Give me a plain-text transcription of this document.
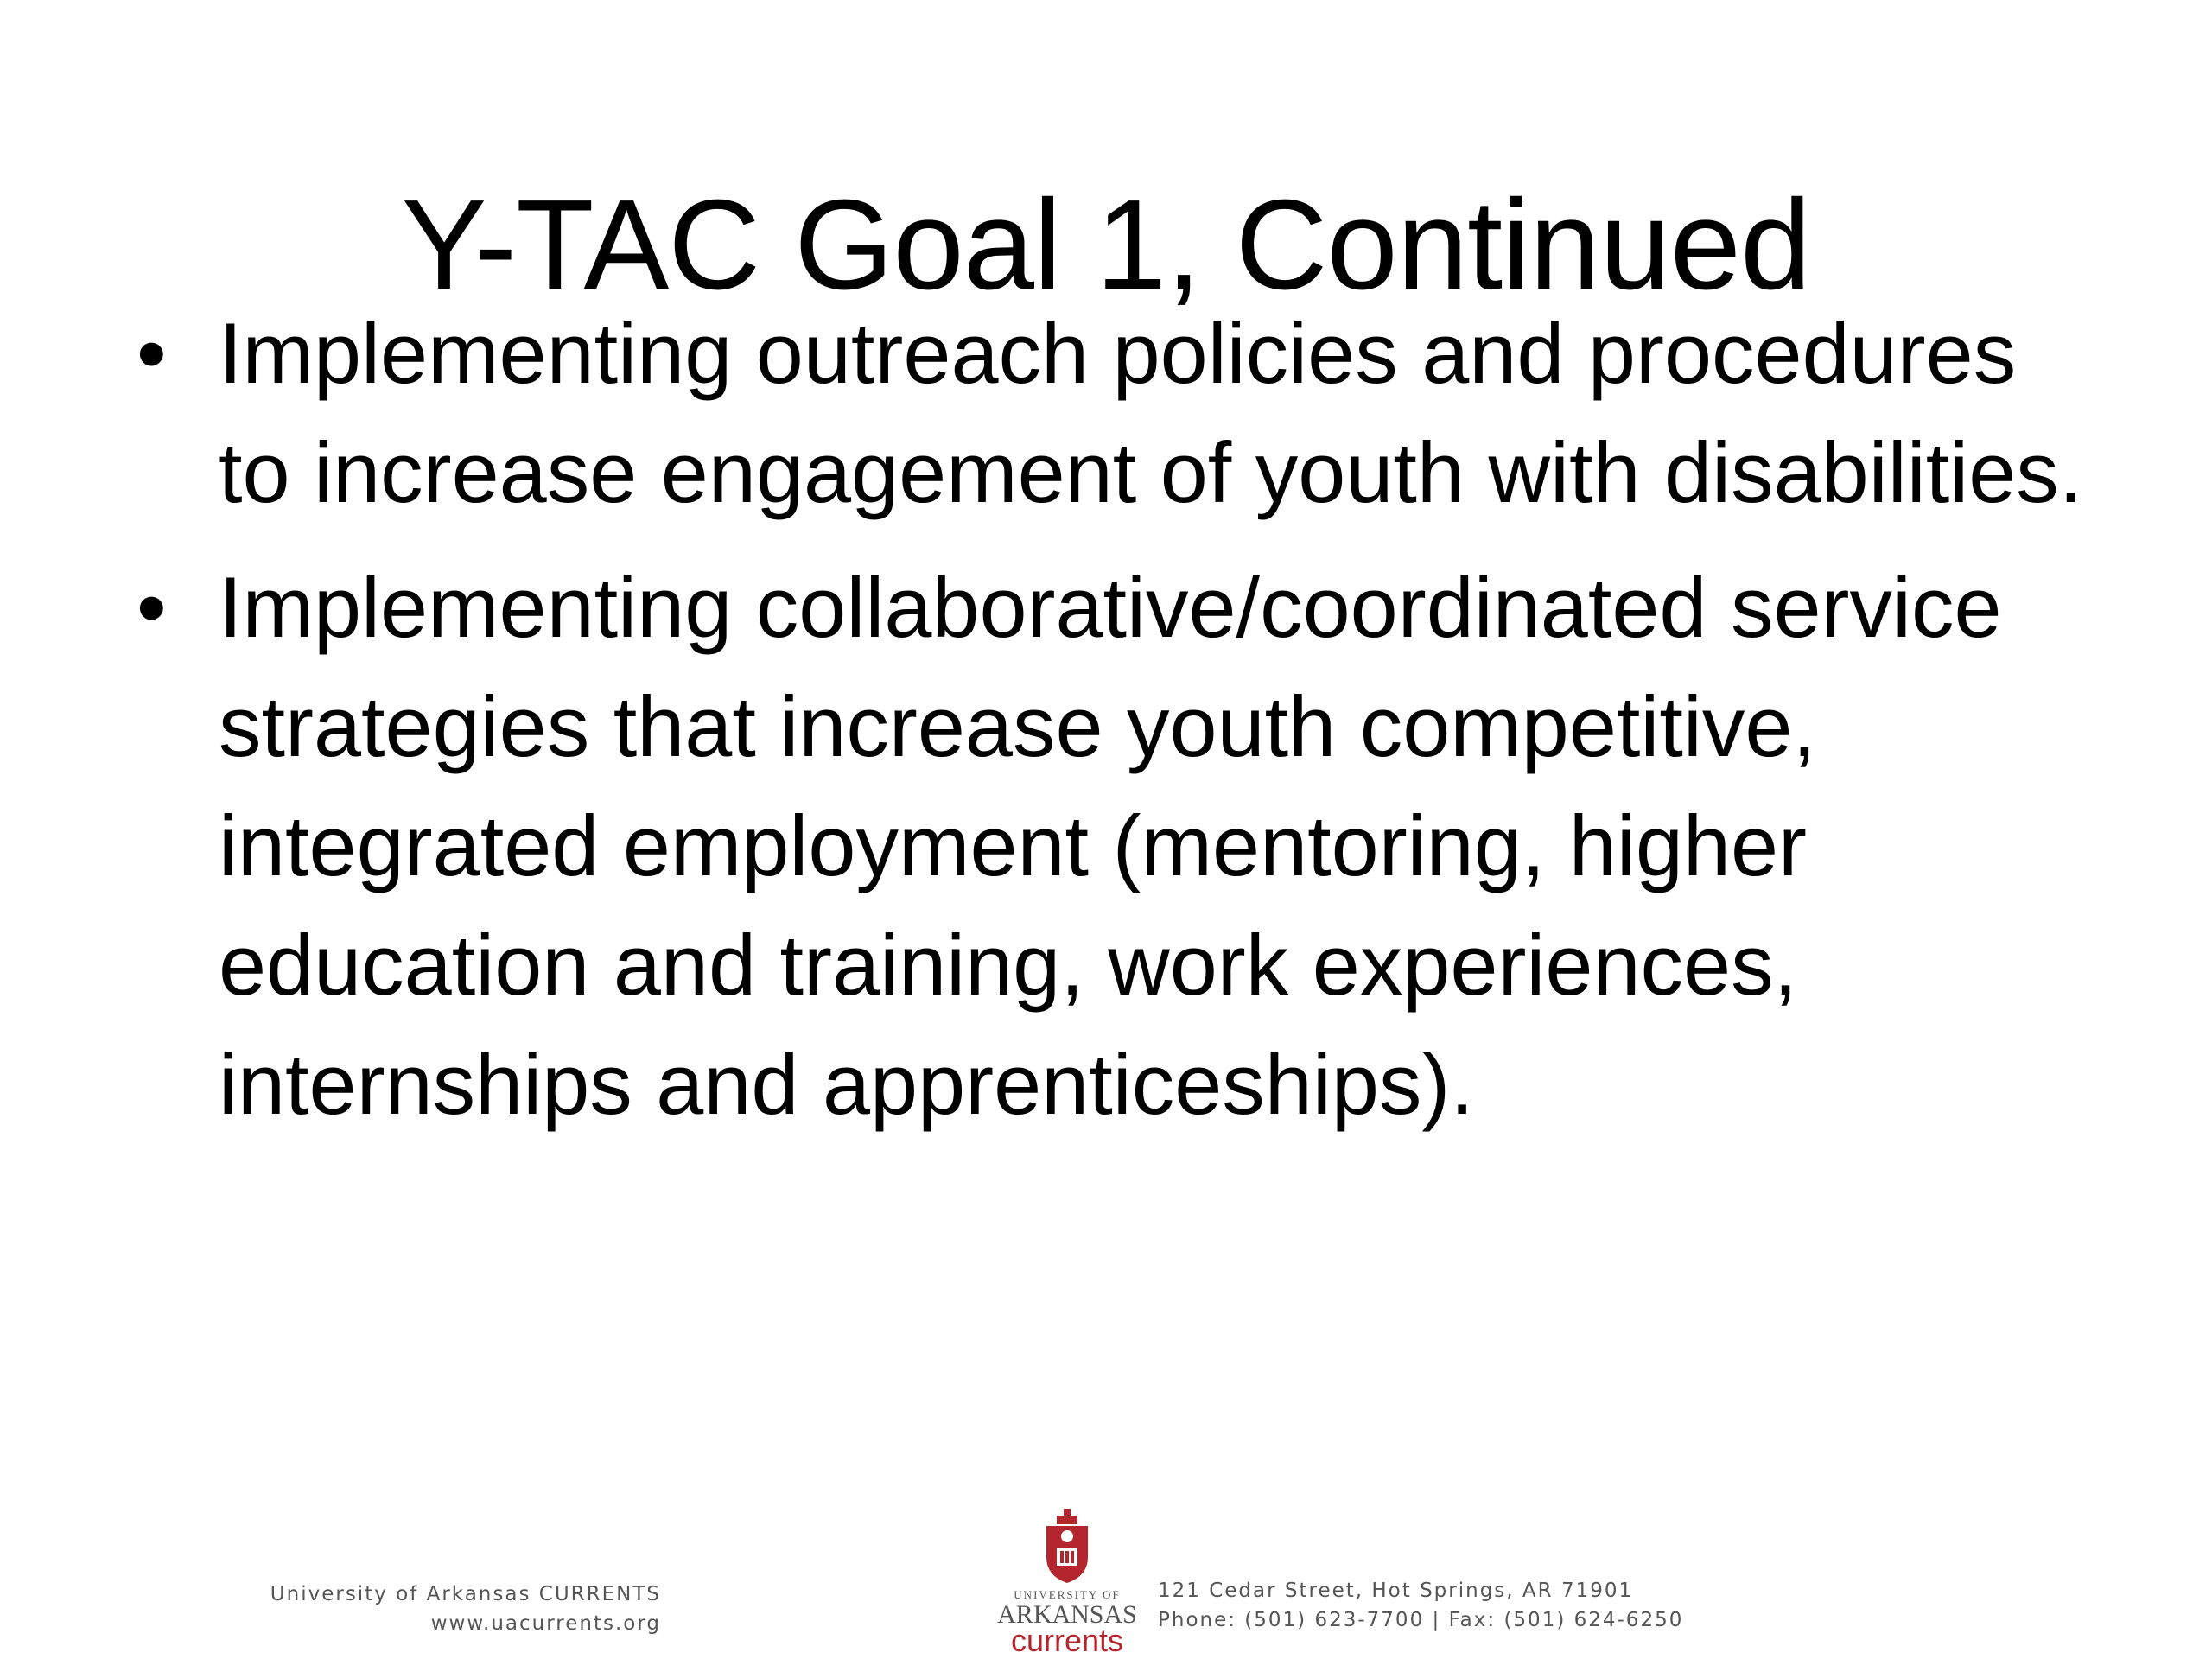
Y-TAC Goal 1, Continued
• Implementing outreach policies and procedures to increase engagement of youth with disabilities.
• Implementing collaborative/coordinated service strategies that increase youth competitive, integrated employment (mentoring, higher education and training, work experiences, internships and apprenticeships).
University of Arkansas CURRENTS
www.uacurrents.org
UNIVERSITY OF
ARKANSAS
currents
121 Cedar Street, Hot Springs, AR 71901
Phone: (501) 623-7700 | Fax: (501) 624-6250
